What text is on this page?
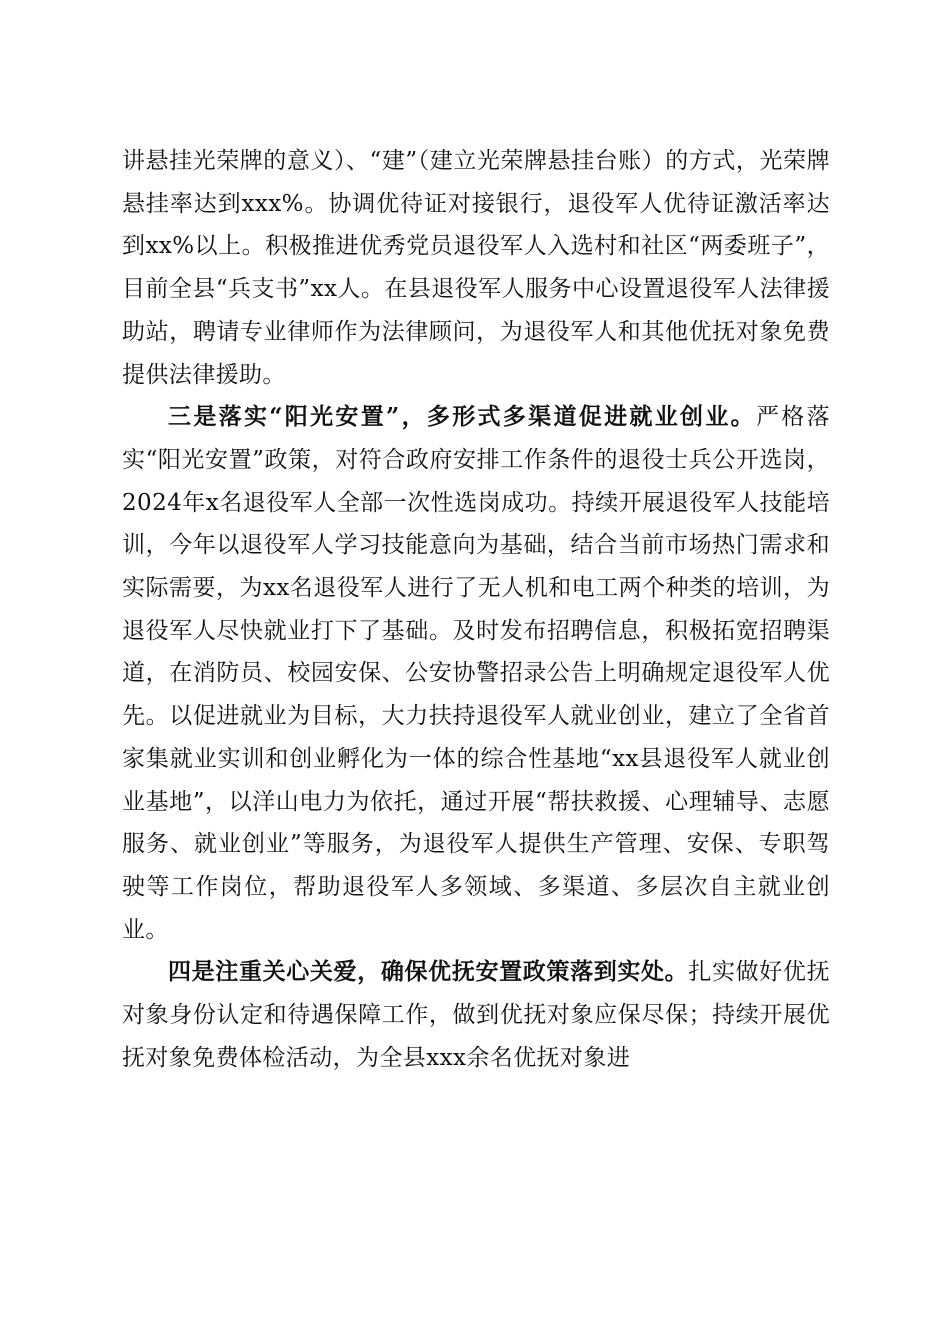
讲悬挂光荣牌的意义）、“建”（建立光荣牌悬挂台账）的方式，光荣牌悬挂率达到xxx%。协调优待证对接银行，退役军人优待证激活率达到xx%以上。积极推进优秀党员退役军人入选村和社区“两委班子”，目前全县“兵支书”xx人。在县退役军人服务中心设置退役军人法律援助站，聘请专业律师作为法律顾问，为退役军人和其他优抚对象免费提供法律援助。

三是落实“阳光安置”，多形式多渠道促进就业创业。严格落实“阳光安置”政策，对符合政府安排工作条件的退役士兵公开选岗，2024年x名退役军人全部一次性选岗成功。持续开展退役军人技能培训，今年以退役军人学习技能意向为基础，结合当前市场热门需求和实际需要，为xx名退役军人进行了无人机和电工两个种类的培训，为退役军人尽快就业打下了基础。及时发布招聘信息，积极拓宽招聘渠道，在消防员、校园安保、公安协警招录公告上明确规定退役军人优先。以促进就业为目标，大力扶持退役军人就业创业，建立了全省首家集就业实训和创业孵化为一体的综合性基地“xx县退役军人就业创业基地”，以洋山电力为依托，通过开展“帮扶救援、心理辅导、志愿服务、就业创业”等服务，为退役军人提供生产管理、安保、专职驾驶等工作岗位，帮助退役军人多领域、多渠道、多层次自主就业创业。

四是注重关心关爱，确保优抚安置政策落到实处。扎实做好优抚对象身份认定和待遇保障工作，做到优抚对象应保尽保；持续开展优抚对象免费体检活动，为全县xxx余名优抚对象进
